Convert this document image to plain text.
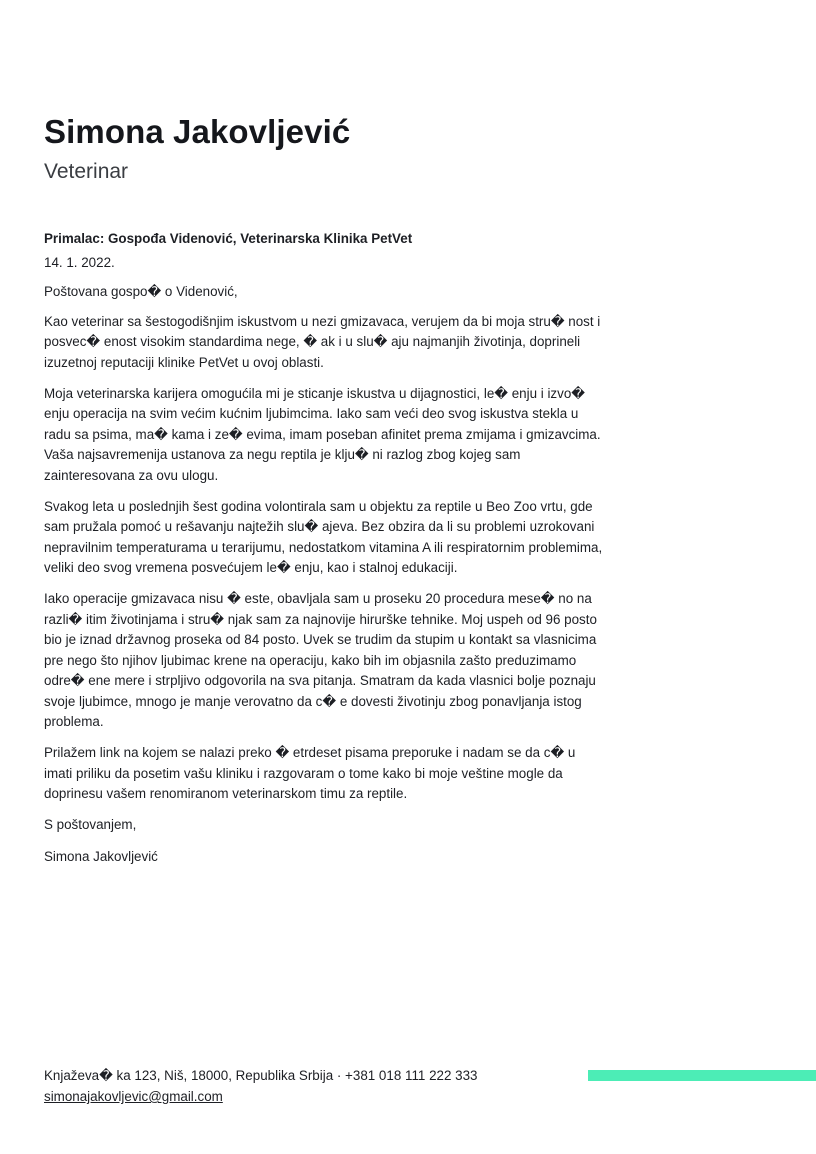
Simona Jakovljević
Veterinar

Primalac: Gospođa Videnović, Veterinarska Klinika PetVet

14. 1. 2022.

Poštovana gospo� o Videnović,

Kao veterinar sa šestogodišnjim iskustvom u nezi gmizavaca, verujem da bi moja stru� nost i posvec� enost visokim standardima nege, � ak i u slu� aju najmanjih životinja, doprineli izuzetnoj reputaciji klinike PetVet u ovoj oblasti.

Moja veterinarska karijera omogućila mi je sticanje iskustva u dijagnostici, le� enju i izvo� enju operacija na svim većim kućnim ljubimcima. Iako sam veći deo svog iskustva stekla u radu sa psima, ma� kama i ze� evima, imam poseban afinitet prema zmijama i gmizavcima. Vaša najsavremenija ustanova za negu reptila je klju� ni razlog zbog kojeg sam zainteresovana za ovu ulogu.

Svakog leta u poslednjih šest godina volontirala sam u objektu za reptile u Beo Zoo vrtu, gde sam pružala pomoć u rešavanju najtežih slu� ajeva. Bez obzira da li su problemi uzrokovani nepravilnim temperaturama u terarijumu, nedostatkom vitamina A ili respiratornim problemima, veliki deo svog vremena posvećujem le� enju, kao i stalnoj edukaciji.

Iako operacije gmizavaca nisu � este, obavljala sam u proseku 20 procedura mese� no na razli� itim životinjama i stru� njak sam za najnovije hirurške tehnike. Moj uspeh od 96 posto bio je iznad državnog proseka od 84 posto. Uvek se trudim da stupim u kontakt sa vlasnicima pre nego što njihov ljubimac krene na operaciju, kako bih im objasnila zašto preduzimamo odre� ene mere i strpljivo odgovorila na sva pitanja. Smatram da kada vlasnici bolje poznaju svoje ljubimce, mnogo je manje verovatno da c� e dovesti životinju zbog ponavljanja istog problema.

Prilažem link na kojem se nalazi preko � etrdeset pisama preporuke i nadam se da c� u imati priliku da posetim vašu kliniku i razgovaram o tome kako bi moje veštine mogle da doprinesu vašem renomiranom veterinarskom timu za reptile.

S poštovanjem,

Simona Jakovljević

Knjaževa� ka 123, Niš, 18000, Republika Srbija · +381 018 111 222 333
simonajakovljevic@gmail.com
